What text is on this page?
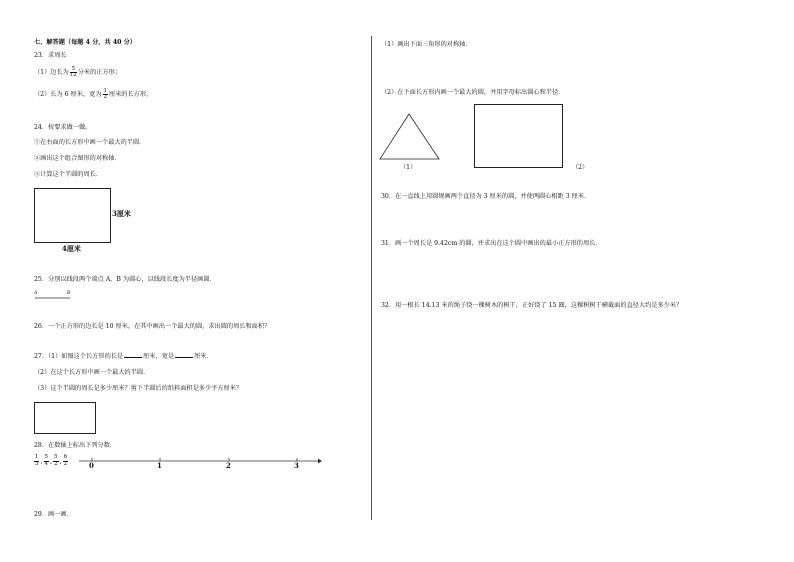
七、解答题（每题 4 分，共 40 分）
23．求周长
（1）边长为 $\frac{5}{12}$ 分米的正方形；
（2）长为 6 厘米，宽为 $\frac{1}{2}$ 厘米的长方形。
24．按要求做一做。
①在右面的长方形中画一个最大的半圆．
②画出这个组合图形的对称轴．
③计算这个半圆的周长．
3厘米
4厘米
25．分别以线段两个端点 A、B 为圆心，以线段长度为半径画圆．
A	B
26．一个正方形的边长是 10 厘米，在其中画出一个最大的圆，求出圆的周长和面积？
27．（1）如图这个长方形的长是	厘米，宽是	厘米．
（2）在这个长方形中画一个最大的半圆．
（3）这个半圆的周长是多少厘米？剪下半圆后的纸料面积是多少平方厘米？
28．在数轴上标出下列分数．
$\frac{1}{3}$ , $\frac{5}{4}$ , $\frac{5}{2}$ , $\frac{6}{2}$	0	1	2	3
29．画一画．
（1）画出下面三角形的对称轴．
（2）在下面长方形内画一个最大的圆，并用字母标出圆心和半径．
（1）	（2）
30．在一直线上用圆规画两个直径为 3 厘米的圆，并使两圆心相距 3 厘米．
31．画一个周长是 9.42cm 的圆，并求出在这个圆中画出的最小正方形的周长．
32．用一根长 14.13 米的绳子绕一棵树木的树干，正好绕了 15 圈，这棵树树干横截面的直径大约是多少米？
